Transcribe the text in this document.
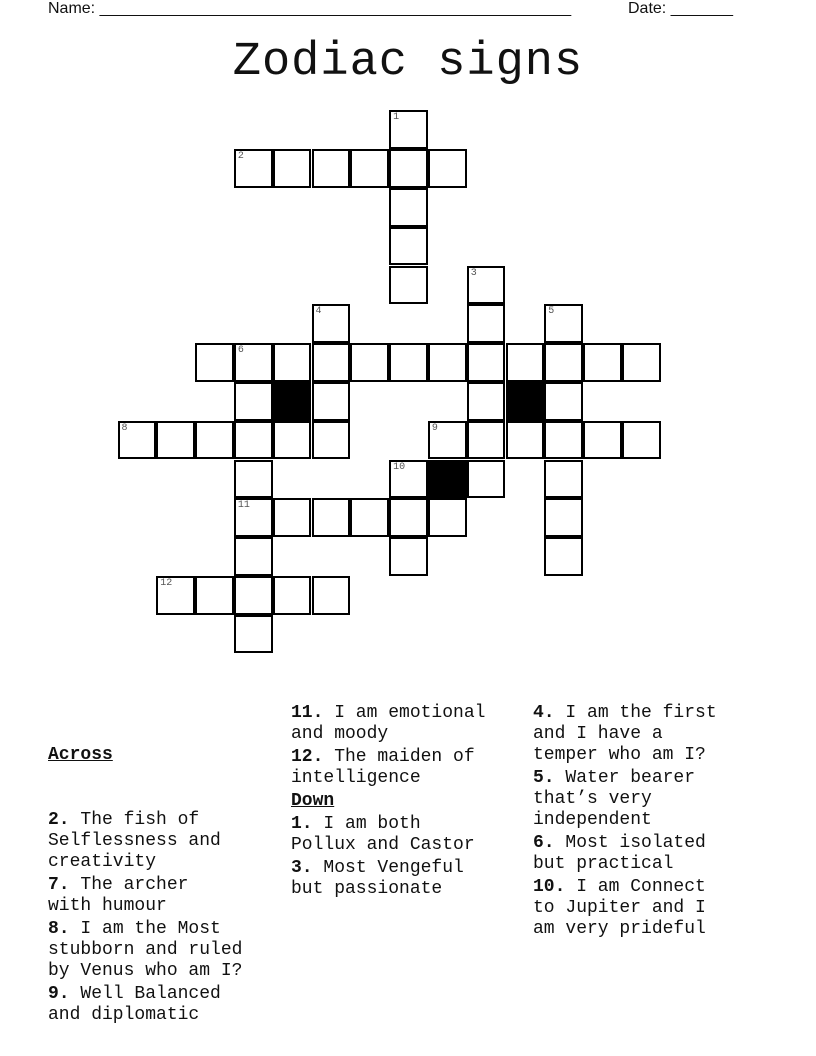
Name: _____________________________________________________	Date: _______
Zodiac signs
1
2
3
4	5
6
11
8	9
10
12

Across

2. The fish of
Selflessness and
creativity
7. The archer
with humour
8. I am the Most
stubborn and ruled
by Venus who am I?
9. Well Balanced
and diplomatic
11. I am emotional
and moody
12. The maiden of
intelligence
Down
1. I am both
Pollux and Castor
3. Most Vengeful
but passionate
4. I am the first
and I have a
temper who am I?
5. Water bearer
that’s very
independent
6. Most isolated
but practical
10. I am Connect
to Jupiter and I
am very prideful
